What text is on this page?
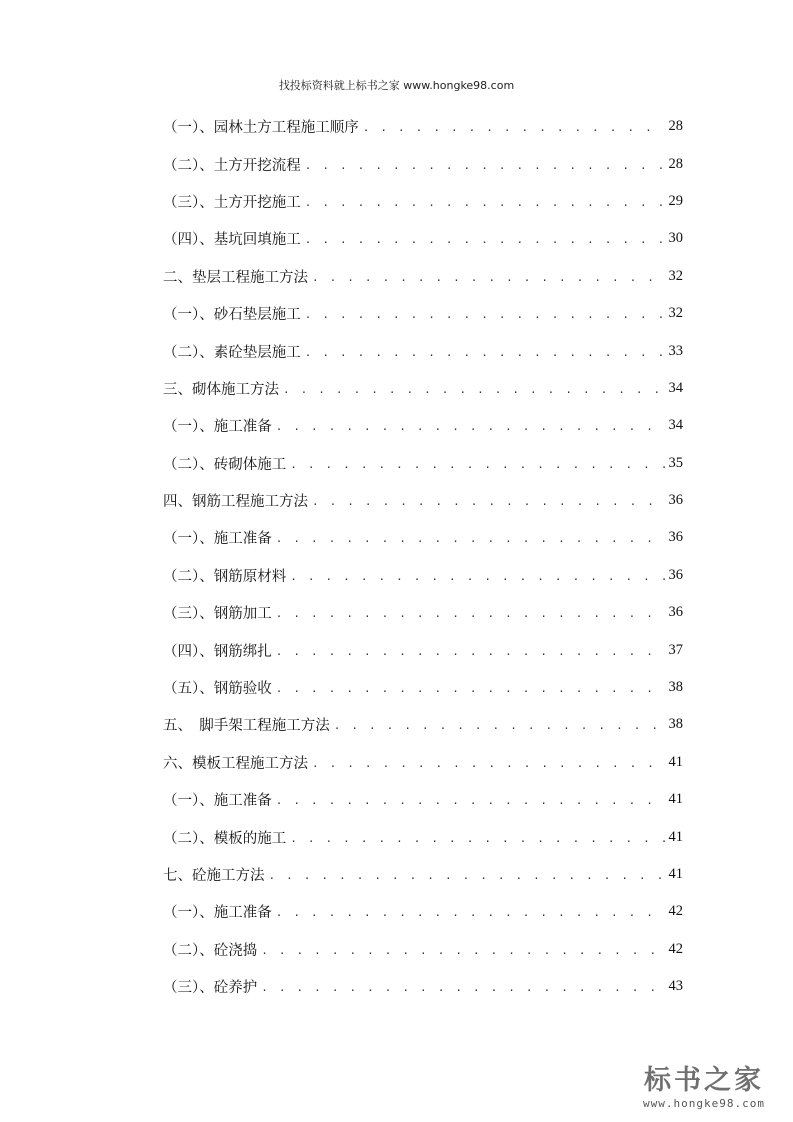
找投标资料就上标书之家 www.hongke98.com
（一）、园林土方工程施工顺序 . . .	28
（二）、土方开挖流程 . . .	28
（三）、土方开挖施工 . . .	29
（四）、基坑回填施工 . . .	30
二、垫层工程施工方法 . . .	32
（一）、砂石垫层施工 . . .	32
（二）、素砼垫层施工 . . .	33
三、砌体施工方法 . . .	34
（一）、施工准备 . . .	34
（二）、砖砌体施工 . . .	35
四、钢筋工程施工方法 . . .	36
（一）、施工准备 . . .	36
（二）、钢筋原材料 . . .	36
（三）、钢筋加工 . . .	36
（四）、钢筋绑扎 . . .	37
（五）、钢筋验收 . . .	38
五、　脚手架工程施工方法 . . .	38
六、模板工程施工方法 . . .	41
（一）、施工准备 . . .	41
（二）、模板的施工 . . .	41
七、砼施工方法 . . .	41
（一）、施工准备 . . .	42
（二）、砼浇捣 . . .	42
（三）、砼养护 . . .	43
标书之家
www.hongke98.com
